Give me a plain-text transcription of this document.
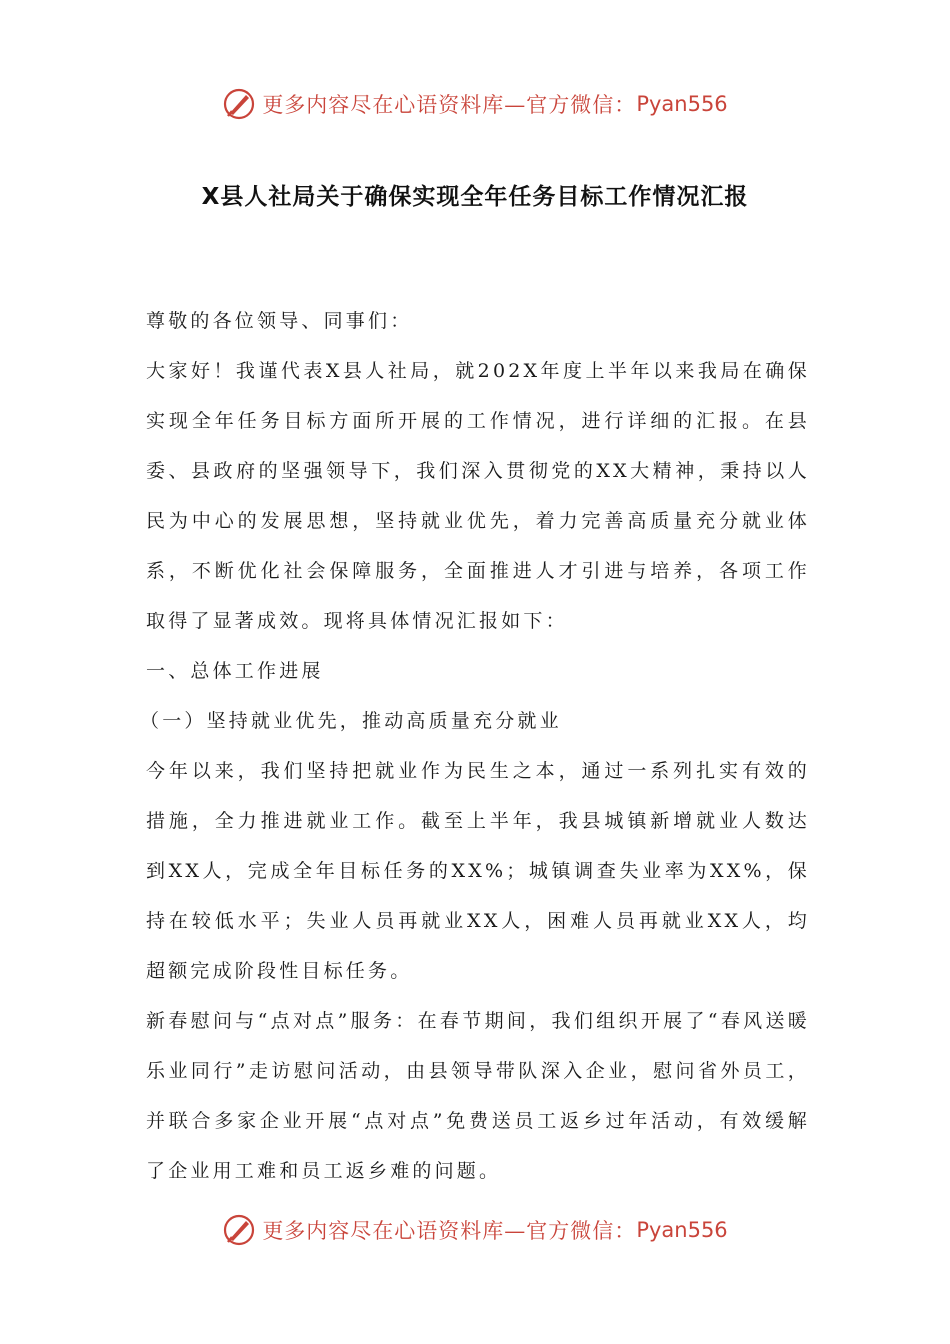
更多内容尽在心语资料库—官方微信： Pyan556
X县人社局关于确保实现全年任务目标工作情况汇报

尊敬的各位领导、同事们：

大家好！我谨代表X县人社局，就202X年度上半年以来我局在确保实现全年任务目标方面所开展的工作情况，进行详细的汇报。在县委、县政府的坚强领导下，我们深入贯彻党的XX大精神，秉持以人民为中心的发展思想，坚持就业优先，着力完善高质量充分就业体系，不断优化社会保障服务，全面推进人才引进与培养，各项工作取得了显著成效。现将具体情况汇报如下：

一、总体工作进展

（一）坚持就业优先，推动高质量充分就业

今年以来，我们坚持把就业作为民生之本，通过一系列扎实有效的措施，全力推进就业工作。截至上半年，我县城镇新增就业人数达到XX人，完成全年目标任务的XX%；城镇调查失业率为XX%，保持在较低水平；失业人员再就业XX人，困难人员再就业XX人，均超额完成阶段性目标任务。

新春慰问与“点对点”服务：在春节期间，我们组织开展了“春风送暖乐业同行”走访慰问活动，由县领导带队深入企业，慰问省外员工，并联合多家企业开展“点对点”免费送员工返乡过年活动，有效缓解了企业用工难和员工返乡难的问题。

更多内容尽在心语资料库—官方微信： Pyan556
